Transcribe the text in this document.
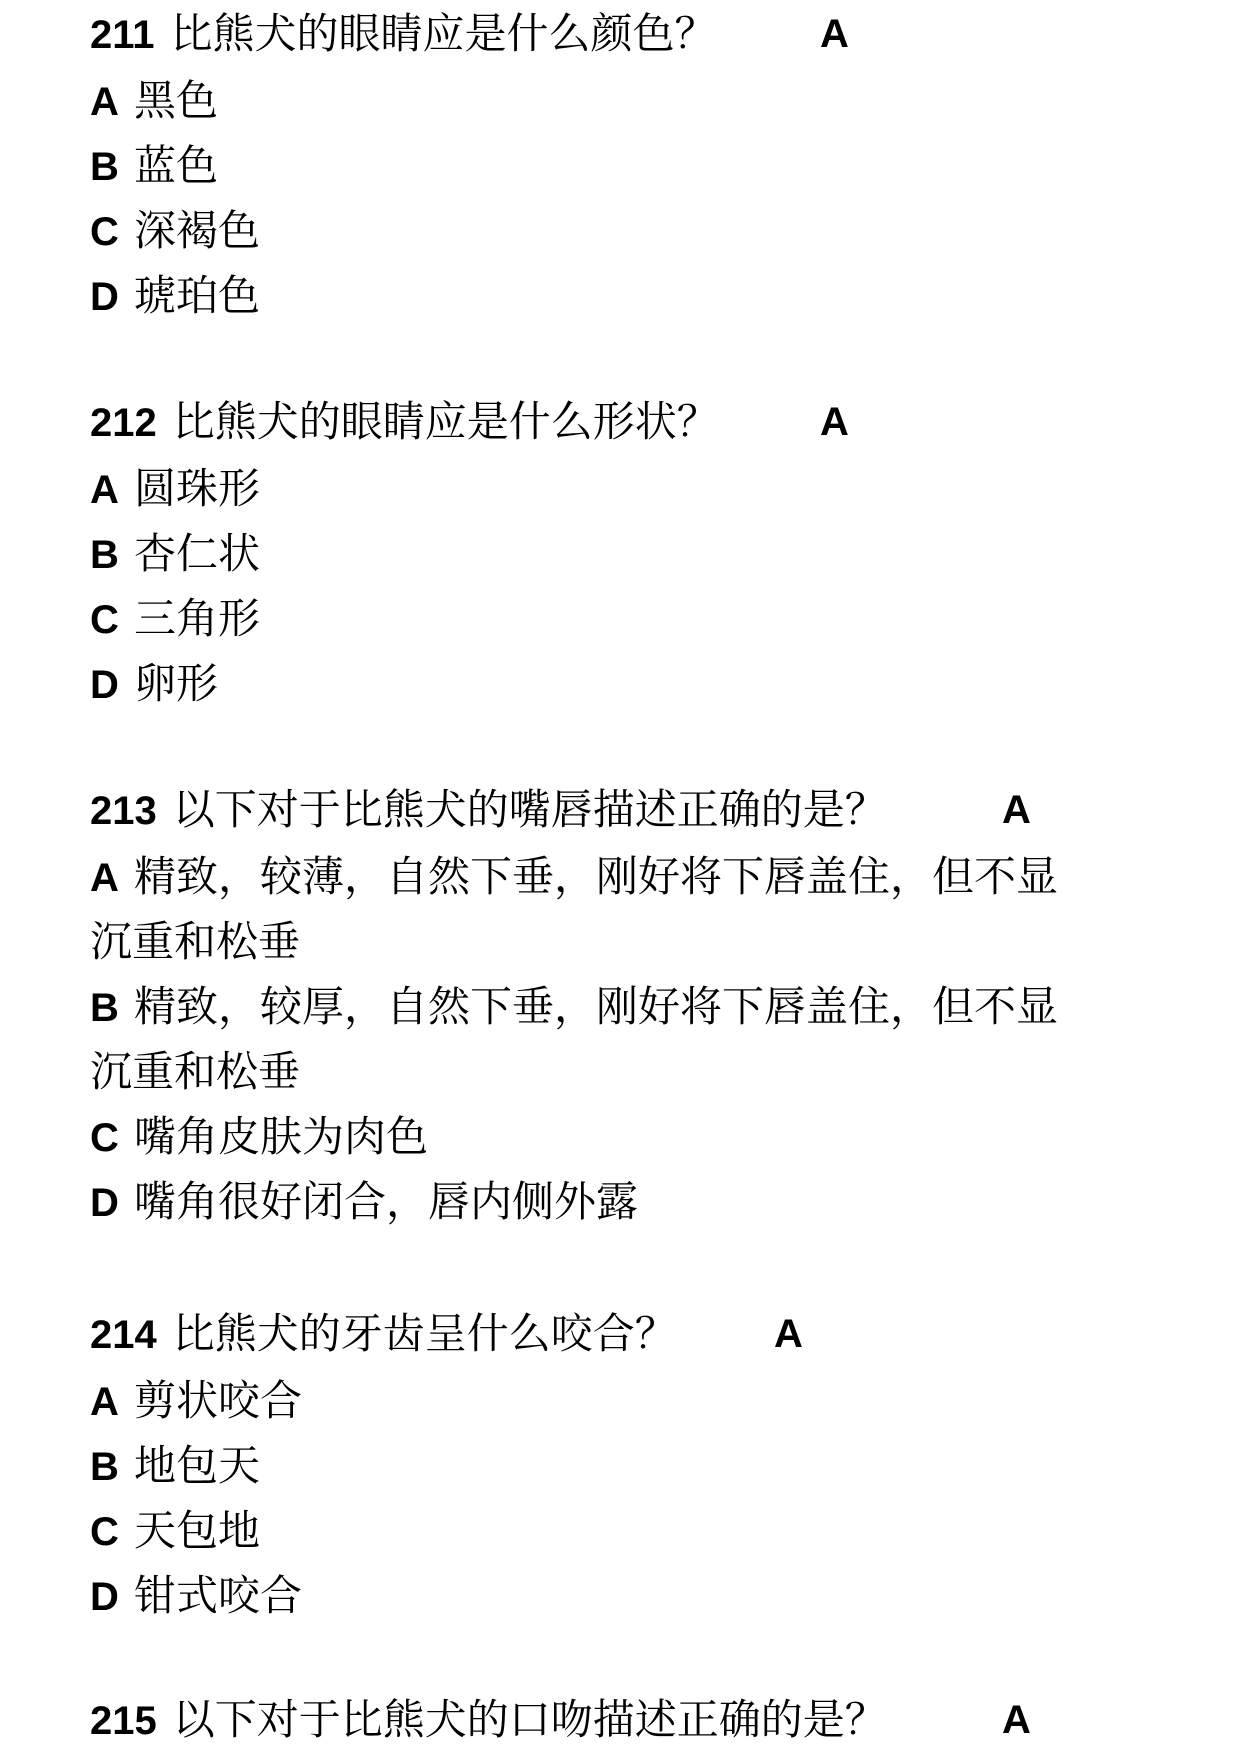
211 比熊犬的眼睛应是什么颜色？	A
A 黑色
B 蓝色
C 深褐色
D 琥珀色
212 比熊犬的眼睛应是什么形状？	A
A 圆珠形
B 杏仁状
C 三角形
D 卵形
213 以下对于比熊犬的嘴唇描述正确的是？	A
A 精致，较薄，自然下垂，刚好将下唇盖住，但不显
沉重和松垂
B 精致，较厚，自然下垂，刚好将下唇盖住，但不显
沉重和松垂
C 嘴角皮肤为肉色
D 嘴角很好闭合，唇内侧外露
214 比熊犬的牙齿呈什么咬合？ A
A 剪状咬合
B 地包天
C 天包地
D 钳式咬合
215 以下对于比熊犬的口吻描述正确的是？	A
